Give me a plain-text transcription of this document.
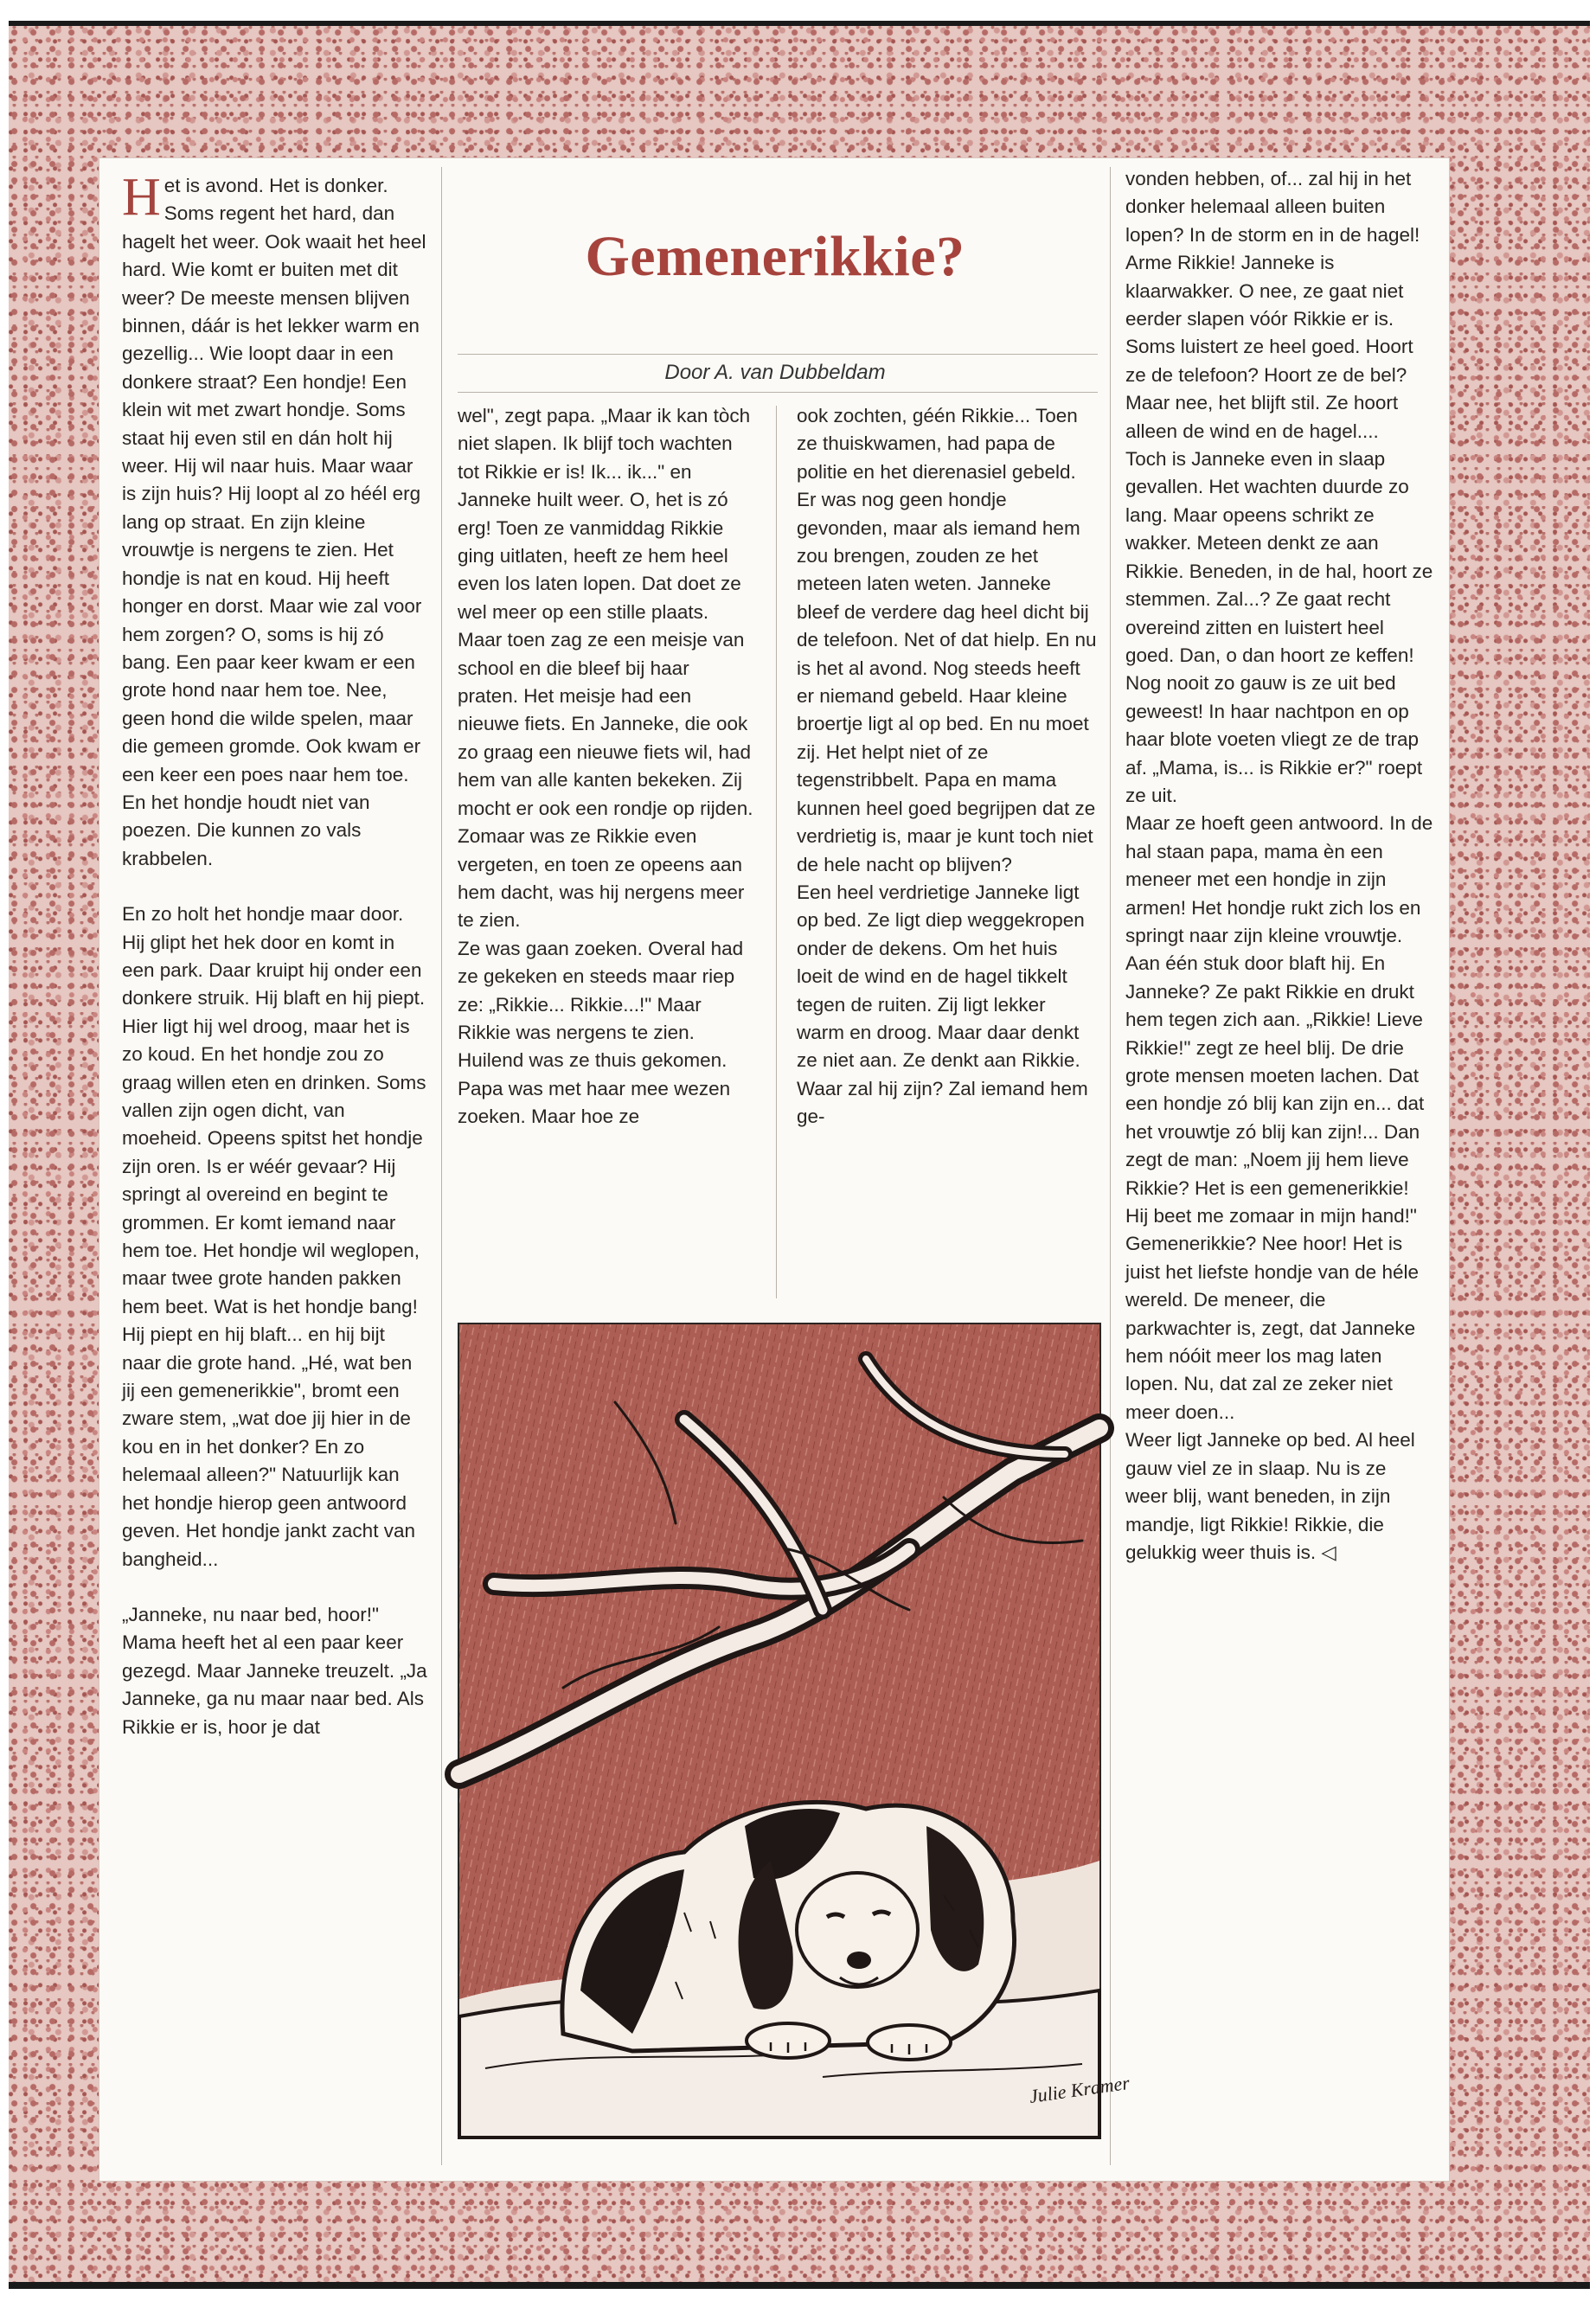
Het is avond. Het is donker. Soms regent het hard, dan hagelt het weer. Ook waait het heel hard. Wie komt er buiten met dit weer? De meeste mensen blijven binnen, dáár is het lekker warm en gezellig... Wie loopt daar in een donkere straat? Een hondje! Een klein wit met zwart hondje. Soms staat hij even stil en dán holt hij weer. Hij wil naar huis. Maar waar is zijn huis? Hij loopt al zo héél erg lang op straat. En zijn kleine vrouwtje is nergens te zien. Het hondje is nat en koud. Hij heeft honger en dorst. Maar wie zal voor hem zorgen? O, soms is hij zó bang. Een paar keer kwam er een grote hond naar hem toe. Nee, geen hond die wilde spelen, maar die gemeen gromde. Ook kwam er een keer een poes naar hem toe. En het hondje houdt niet van poezen. Die kunnen zo vals krabbelen.

En zo holt het hondje maar door. Hij glipt het hek door en komt in een park. Daar kruipt hij onder een donkere struik. Hij blaft en hij piept. Hier ligt hij wel droog, maar het is zo koud. En het hondje zou zo graag willen eten en drinken. Soms vallen zijn ogen dicht, van moeheid. Opeens spitst het hondje zijn oren. Is er wéér gevaar? Hij springt al overeind en begint te grommen. Er komt iemand naar hem toe. Het hondje wil weglopen, maar twee grote handen pakken hem beet. Wat is het hondje bang! Hij piept en hij blaft... en hij bijt naar die grote hand. „Hé, wat ben jij een gemenerikkie", bromt een zware stem, „wat doe jij hier in de kou en in het donker? En zo helemaal alleen?" Natuurlijk kan het hondje hierop geen antwoord geven. Het hondje jankt zacht van bangheid...

„Janneke, nu naar bed, hoor!" Mama heeft het al een paar keer gezegd. Maar Janneke treuzelt. „Ja Janneke, ga nu maar naar bed. Als Rikkie er is, hoor je dat

Gemenerikkie?
Door A. van Dubbeldam

wel", zegt papa. „Maar ik kan tòch niet slapen. Ik blijf toch wachten tot Rikkie er is! Ik... ik..." en Janneke huilt weer. O, het is zó erg! Toen ze vanmiddag Rikkie ging uitlaten, heeft ze hem heel even los laten lopen. Dat doet ze wel meer op een stille plaats. Maar toen zag ze een meisje van school en die bleef bij haar praten. Het meisje had een nieuwe fiets. En Janneke, die ook zo graag een nieuwe fiets wil, had hem van alle kanten bekeken. Zij mocht er ook een rondje op rijden. Zomaar was ze Rikkie even vergeten, en toen ze opeens aan hem dacht, was hij nergens meer te zien.

Ze was gaan zoeken. Overal had ze gekeken en steeds maar riep ze: „Rikkie... Rikkie...!" Maar Rikkie was nergens te zien. Huilend was ze thuis gekomen. Papa was met haar mee wezen zoeken. Maar hoe ze

ook zochten, géén Rikkie... Toen ze thuiskwamen, had papa de politie en het dierenasiel gebeld. Er was nog geen hondje gevonden, maar als iemand hem zou brengen, zouden ze het meteen laten weten. Janneke bleef de verdere dag heel dicht bij de telefoon. Net of dat hielp. En nu is het al avond. Nog steeds heeft er niemand gebeld. Haar kleine broertje ligt al op bed. En nu moet zij. Het helpt niet of ze tegenstribbelt. Papa en mama kunnen heel goed begrijpen dat ze verdrietig is, maar je kunt toch niet de hele nacht op blijven?

Een heel verdrietige Janneke ligt op bed. Ze ligt diep weggekropen onder de dekens. Om het huis loeit de wind en de hagel tikkelt tegen de ruiten. Zij ligt lekker warm en droog. Maar daar denkt ze niet aan. Ze denkt aan Rikkie. Waar zal hij zijn? Zal iemand hem ge-

Julie Kramer

vonden hebben, of... zal hij in het donker helemaal alleen buiten lopen? In de storm en in de hagel! Arme Rikkie! Janneke is klaarwakker. O nee, ze gaat niet eerder slapen vóór Rikkie er is. Soms luistert ze heel goed. Hoort ze de telefoon? Hoort ze de bel? Maar nee, het blijft stil. Ze hoort alleen de wind en de hagel....

Toch is Janneke even in slaap gevallen. Het wachten duurde zo lang. Maar opeens schrikt ze wakker. Meteen denkt ze aan Rikkie. Beneden, in de hal, hoort ze stemmen. Zal...? Ze gaat recht overeind zitten en luistert heel goed. Dan, o dan hoort ze keffen! Nog nooit zo gauw is ze uit bed geweest! In haar nachtpon en op haar blote voeten vliegt ze de trap af. „Mama, is... is Rikkie er?" roept ze uit.

Maar ze hoeft geen antwoord. In de hal staan papa, mama èn een meneer met een hondje in zijn armen! Het hondje rukt zich los en springt naar zijn kleine vrouwtje. Aan één stuk door blaft hij. En Janneke? Ze pakt Rikkie en drukt hem tegen zich aan. „Rikkie! Lieve Rikkie!" zegt ze heel blij. De drie grote mensen moeten lachen. Dat een hondje zó blij kan zijn en... dat het vrouwtje zó blij kan zijn!... Dan zegt de man: „Noem jij hem lieve Rikkie? Het is een gemenerikkie! Hij beet me zomaar in mijn hand!"

Gemenerikkie? Nee hoor! Het is juist het liefste hondje van de héle wereld. De meneer, die parkwachter is, zegt, dat Janneke hem nóóit meer los mag laten lopen. Nu, dat zal ze zeker niet meer doen...

Weer ligt Janneke op bed. Al heel gauw viel ze in slaap. Nu is ze weer blij, want beneden, in zijn mandje, ligt Rikkie! Rikkie, die gelukkig weer thuis is. ◁
